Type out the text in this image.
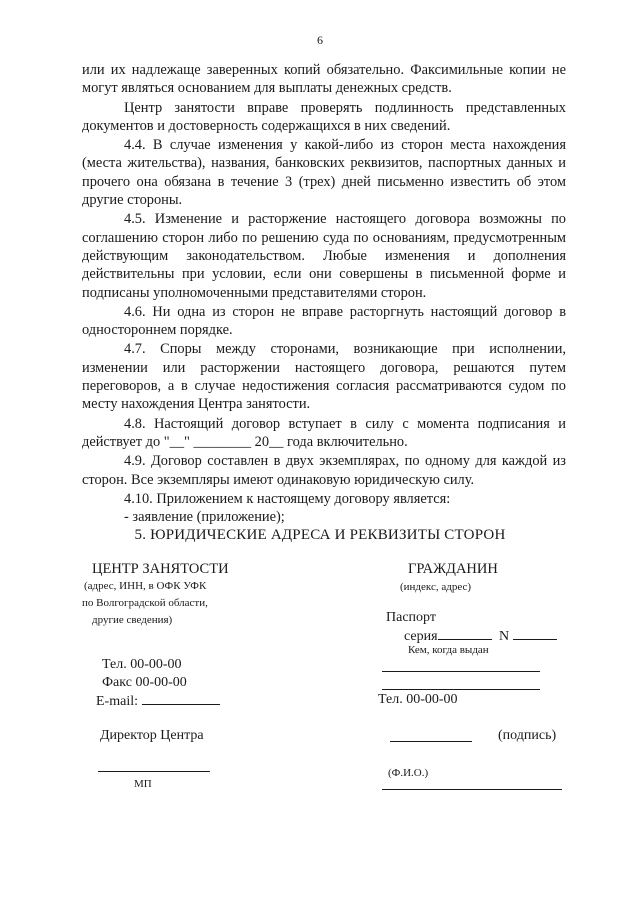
6

или их надлежаще заверенных копий обязательно. Факсимильные копии не могут являться основанием для выплаты денежных средств.

Центр занятости вправе проверять подлинность представленных документов и достоверность содержащихся в них сведений.

4.4. В случае изменения у какой-либо из сторон места нахождения (места жительства), названия, банковских реквизитов, паспортных данных и прочего она обязана в течение 3 (трех) дней письменно известить об этом другие стороны.

4.5. Изменение и расторжение настоящего договора возможны по соглашению сторон либо по решению суда по основаниям, предусмотренным действующим законодательством. Любые изменения и дополнения действительны при условии, если они совершены в письменной форме и подписаны уполномоченными представителями сторон.

4.6. Ни одна из сторон не вправе расторгнуть настоящий договор в одностороннем порядке.

4.7. Споры между сторонами, возникающие при исполнении, изменении или расторжении настоящего договора, решаются путем переговоров, а в случае недостижения согласия рассматриваются судом по месту нахождения Центра занятости.

4.8. Настоящий договор вступает в силу с момента подписания и действует до "__" ________ 20__ года включительно.

4.9. Договор составлен в двух экземплярах, по одному для каждой из сторон. Все экземпляры имеют одинаковую юридическую силу.

4.10. Приложением к настоящему договору является:

- заявление (приложение);

5. ЮРИДИЧЕСКИЕ АДРЕСА И РЕКВИЗИТЫ СТОРОН
ЦЕНТР ЗАНЯТОСТИ
(адрес, ИНН, в ОФК УФК
по Волгоградской области,
другие сведения)
Тел. 00-00-00
Факс 00-00-00
E-mail:
Директор Центра
МП
ГРАЖДАНИН
(индекс, адрес)
Паспорт
серия	N
Кем, когда выдан
Тел. 00-00-00
(подпись)
(Ф.И.О.)
